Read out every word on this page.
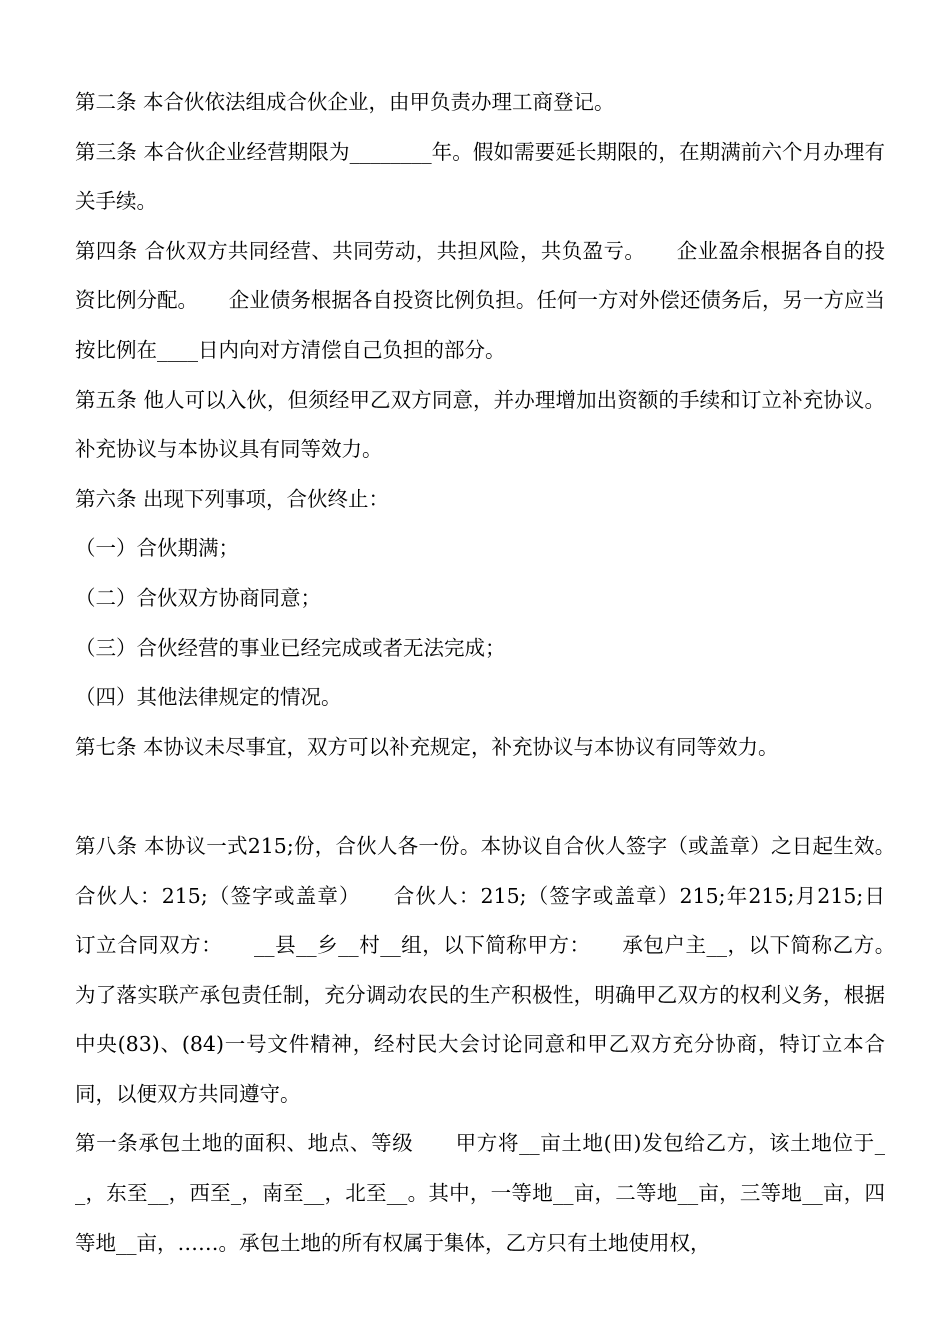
第二条 本合伙依法组成合伙企业，由甲负责办理工商登记。

第三条 本合伙企业经营期限为________年。假如需要延长期限的，在期满前六个月办理有关手续。

第四条 合伙双方共同经营、共同劳动，共担风险，共负盈亏。　　企业盈余根据各自的投资比例分配。　　企业债务根据各自投资比例负担。任何一方对外偿还债务后，另一方应当按比例在____日内向对方清偿自己负担的部分。

第五条 他人可以入伙，但须经甲乙双方同意，并办理增加出资额的手续和订立补充协议。补充协议与本协议具有同等效力。

第六条 出现下列事项，合伙终止：

（一）合伙期满；

（二）合伙双方协商同意；

（三）合伙经营的事业已经完成或者无法完成；

（四）其他法律规定的情况。

第七条 本协议未尽事宜，双方可以补充规定，补充协议与本协议有同等效力。

第八条 本协议一式215;份，合伙人各一份。本协议自合伙人签字（或盖章）之日起生效。　　合伙人：215;（签字或盖章）　　合伙人：215;（签字或盖章）215;年215;月215;日　　订立合同双方：　　__县__乡__村__组，以下简称甲方：　　承包户主__，以下简称乙方。　　为了落实联产承包责任制，充分调动农民的生产积极性，明确甲乙双方的权利义务，根据中央(83)、(84)一号文件精神，经村民大会讨论同意和甲乙双方充分协商，特订立本合同，以便双方共同遵守。

第一条承包土地的面积、地点、等级　　甲方将__亩土地(田)发包给乙方，该土地位于__，东至__，西至_，南至__，北至__。其中，一等地__亩，二等地__亩，三等地__亩，四等地__亩，……。承包土地的所有权属于集体，乙方只有土地使用权，
